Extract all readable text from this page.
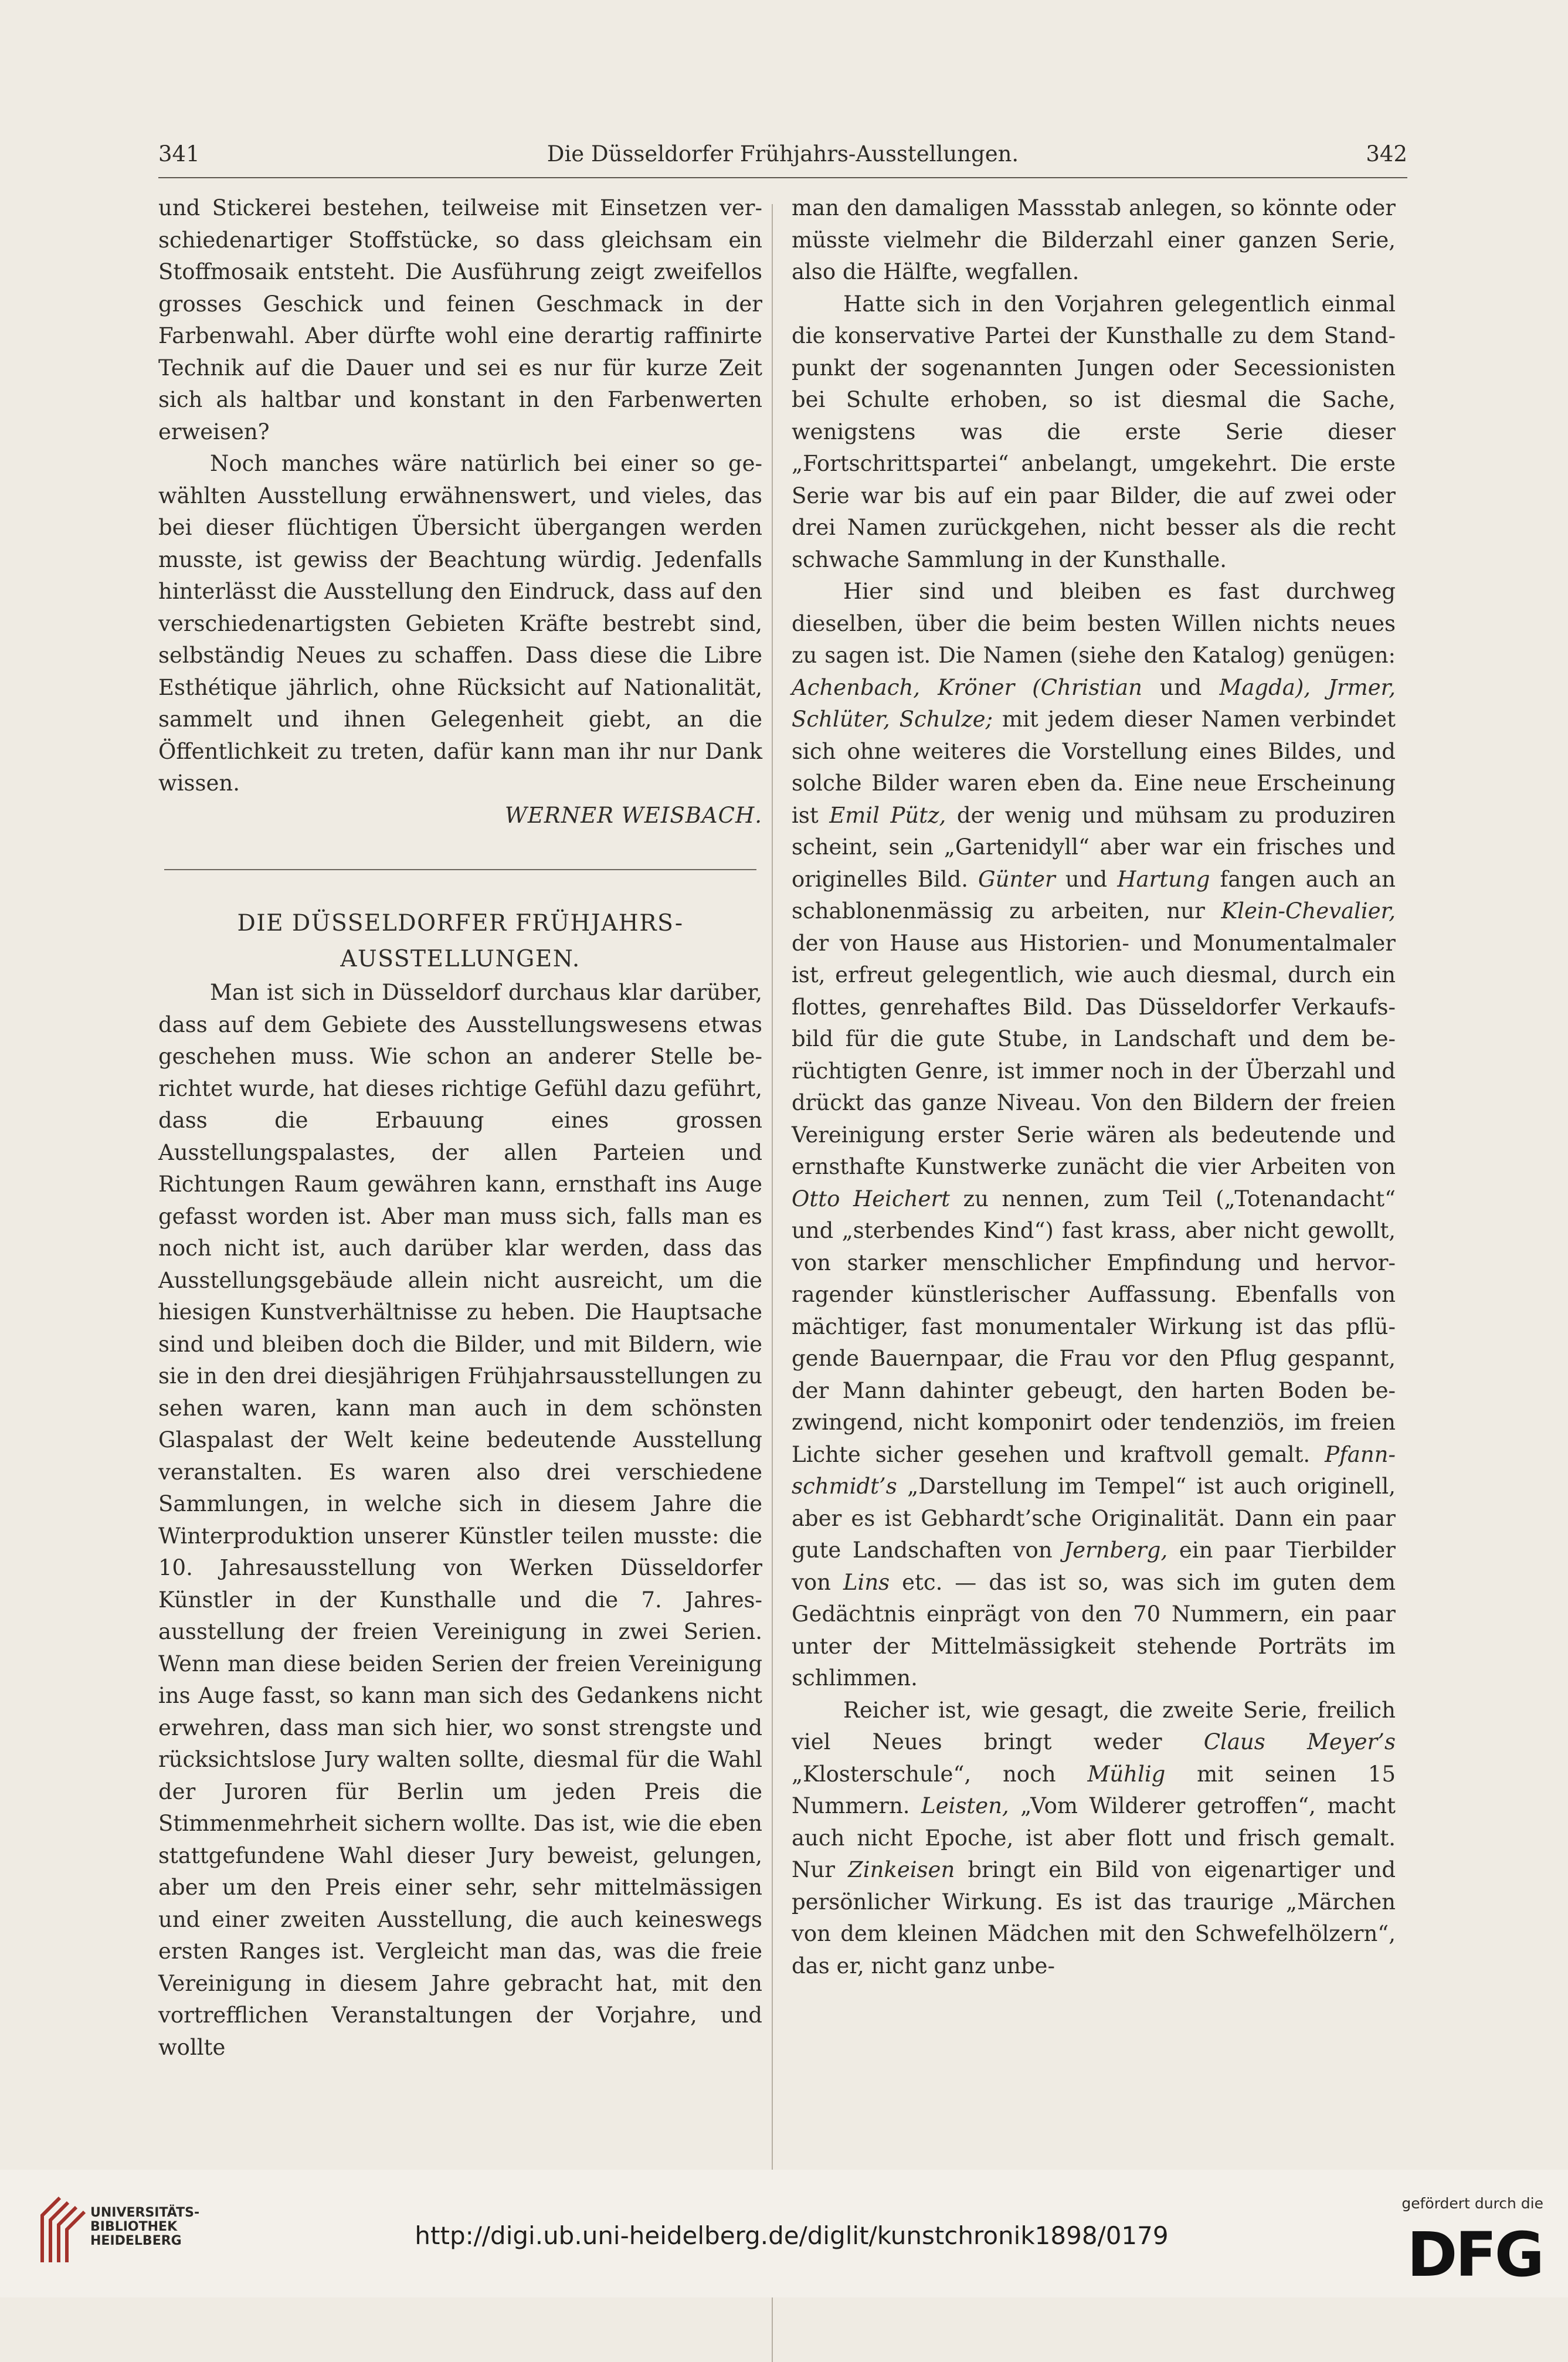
341	Die Düsseldorfer Frühjahrs-Ausstellungen.	342

und Stickerei bestehen, teilweise mit Einsetzen verschiedenartiger Stoffstücke, so dass gleichsam ein Stoffmosaik entsteht. Die Ausführung zeigt zweifellos grosses Geschick und feinen Geschmack in der Farbenwahl. Aber dürfte wohl eine derartig raffinirte Technik auf die Dauer und sei es nur für kurze Zeit sich als haltbar und konstant in den Farbenwerten erweisen?

Noch manches wäre natürlich bei einer so gewählten Ausstellung erwähnenswert, und vieles, das bei dieser flüchtigen Übersicht übergangen werden musste, ist gewiss der Beachtung würdig. Jedenfalls hinterlässt die Ausstellung den Eindruck, dass auf den verschiedenartigsten Gebieten Kräfte bestrebt sind, selbständig Neues zu schaffen. Dass diese die Libre Esthétique jährlich, ohne Rücksicht auf Nationalität, sammelt und ihnen Gelegenheit giebt, an die Öffentlichkeit zu treten, dafür kann man ihr nur Dank wissen.

WERNER WEISBACH.

DIE DÜSSELDORFER FRÜHJAHRS-
AUSSTELLUNGEN.

Man ist sich in Düsseldorf durchaus klar darüber, dass auf dem Gebiete des Ausstellungswesens etwas geschehen muss. Wie schon an anderer Stelle berichtet wurde, hat dieses richtige Gefühl dazu geführt, dass die Erbauung eines grossen Ausstellungspalastes, der allen Parteien und Richtungen Raum gewähren kann, ernsthaft ins Auge gefasst worden ist. Aber man muss sich, falls man es noch nicht ist, auch darüber klar werden, dass das Ausstellungsgebäude allein nicht ausreicht, um die hiesigen Kunstverhältnisse zu heben. Die Hauptsache sind und bleiben doch die Bilder, und mit Bildern, wie sie in den drei diesjährigen Frühjahrsausstellungen zu sehen waren, kann man auch in dem schönsten Glaspalast der Welt keine bedeutende Ausstellung veranstalten. Es waren also drei verschiedene Sammlungen, in welche sich in diesem Jahre die Winterproduktion unserer Künstler teilen musste: die 10. Jahresausstellung von Werken Düsseldorfer Künstler in der Kunsthalle und die 7. Jahresausstellung der freien Vereinigung in zwei Serien. Wenn man diese beiden Serien der freien Vereinigung ins Auge fasst, so kann man sich des Gedankens nicht erwehren, dass man sich hier, wo sonst strengste und rücksichtslose Jury walten sollte, diesmal für die Wahl der Juroren für Berlin um jeden Preis die Stimmenmehrheit sichern wollte. Das ist, wie die eben stattgefundene Wahl dieser Jury beweist, gelungen, aber um den Preis einer sehr, sehr mittelmässigen und einer zweiten Ausstellung, die auch keineswegs ersten Ranges ist. Vergleicht man das, was die freie Vereinigung in diesem Jahre gebracht hat, mit den vortrefflichen Veranstaltungen der Vorjahre, und wollte

man den damaligen Massstab anlegen, so könnte oder müsste vielmehr die Bilderzahl einer ganzen Serie, also die Hälfte, wegfallen.

Hatte sich in den Vorjahren gelegentlich einmal die konservative Partei der Kunsthalle zu dem Standpunkt der sogenannten Jungen oder Secessionisten bei Schulte erhoben, so ist diesmal die Sache, wenigstens was die erste Serie dieser „Fortschrittspartei“ anbelangt, umgekehrt. Die erste Serie war bis auf ein paar Bilder, die auf zwei oder drei Namen zurückgehen, nicht besser als die recht schwache Sammlung in der Kunsthalle.

Hier sind und bleiben es fast durchweg dieselben, über die beim besten Willen nichts neues zu sagen ist. Die Namen (siehe den Katalog) genügen: Achenbach, Kröner (Christian und Magda), Jrmer, Schlüter, Schulze; mit jedem dieser Namen verbindet sich ohne weiteres die Vorstellung eines Bildes, und solche Bilder waren eben da. Eine neue Erscheinung ist Emil Pütz, der wenig und mühsam zu produziren scheint, sein „Gartenidyll“ aber war ein frisches und originelles Bild. Günter und Hartung fangen auch an schablonenmässig zu arbeiten, nur Klein-Chevalier, der von Hause aus Historien- und Monumentalmaler ist, erfreut gelegentlich, wie auch diesmal, durch ein flottes, genrehaftes Bild. Das Düsseldorfer Verkaufsbild für die gute Stube, in Landschaft und dem berüchtigten Genre, ist immer noch in der Überzahl und drückt das ganze Niveau. Von den Bildern der freien Vereinigung erster Serie wären als bedeutende und ernsthafte Kunstwerke zunächt die vier Arbeiten von Otto Heichert zu nennen, zum Teil („Totenandacht“ und „sterbendes Kind“) fast krass, aber nicht gewollt, von starker menschlicher Empfindung und hervorragender künstlerischer Auffassung. Ebenfalls von mächtiger, fast monumentaler Wirkung ist das pflügende Bauernpaar, die Frau vor den Pflug gespannt, der Mann dahinter gebeugt, den harten Boden bezwingend, nicht komponirt oder tendenziös, im freien Lichte sicher gesehen und kraftvoll gemalt. Pfannschmidt’s „Darstellung im Tempel“ ist auch originell, aber es ist Gebhardt’sche Originalität. Dann ein paar gute Landschaften von Jernberg, ein paar Tierbilder von Lins etc. — das ist so, was sich im guten dem Gedächtnis einprägt von den 70 Nummern, ein paar unter der Mittelmässigkeit stehende Porträts im schlimmen.

Reicher ist, wie gesagt, die zweite Serie, freilich viel Neues bringt weder Claus Meyer’s „Klosterschule“, noch Mühlig mit seinen 15 Nummern. Leisten, „Vom Wilderer getroffen“, macht auch nicht Epoche, ist aber flott und frisch gemalt. Nur Zinkeisen bringt ein Bild von eigenartiger und persönlicher Wirkung. Es ist das traurige „Märchen von dem kleinen Mädchen mit den Schwefelhölzern“, das er, nicht ganz unbe-

UNIVERSITÄTS-
BIBLIOTHEK
HEIDELBERG	http://digi.ub.uni-heidelberg.de/diglit/kunstchronik1898/0179
gefördert durch die
DFG
